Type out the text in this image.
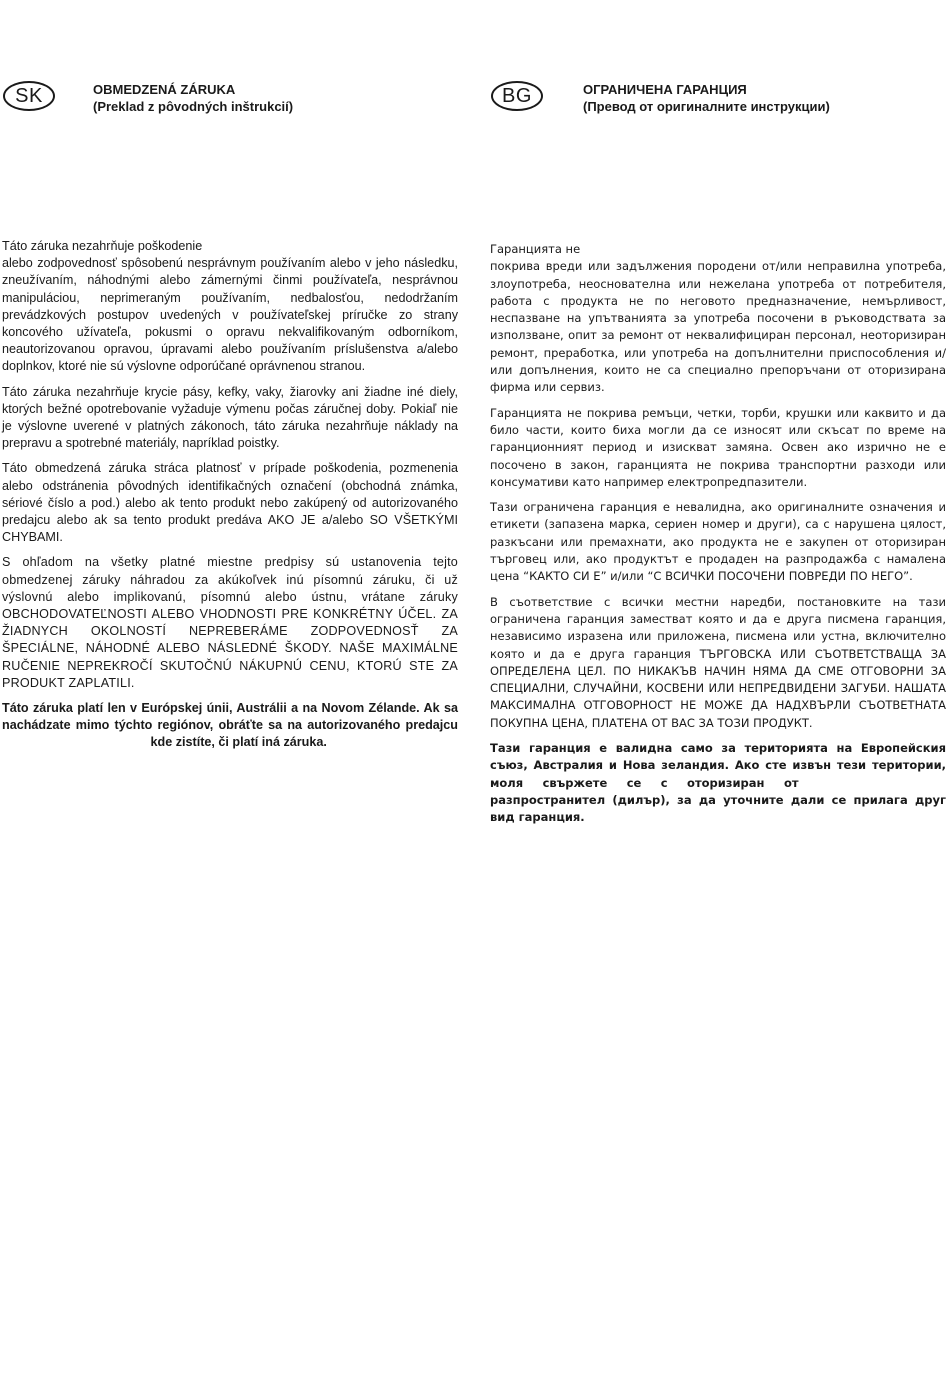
SK	OBMEDZENÁ ZÁRUKA
(Preklad z pôvodných inštrukcií)	BG	ОГРАНИЧЕНА ГАРАНЦИЯ
(Превод от оригиналните инструкции)

Táto záruka nezahrňuje poškodenie

alebo zodpovednosť spôsobenú nesprávnym používaním alebo v jeho následku, zneužívaním, náhodnými alebo zámernými činmi používateľa, nesprávnou manipuláciou, neprimeraným používaním, nedbalosťou, nedodržaním prevádzkových postupov uvedených v používateľskej príručke zo strany koncového užívateľa, pokusmi o opravu nekvalifikovaným odborníkom, neautorizovanou opravou, úpravami alebo používaním príslušenstva a/alebo doplnkov, ktoré nie sú výslovne odporúčané oprávnenou stranou.

Táto záruka nezahrňuje krycie pásy, kefky, vaky, žiarovky ani žiadne iné diely, ktorých bežné opotrebovanie vyžaduje výmenu počas záručnej doby. Pokiaľ nie je výslovne uverené v platných zákonoch, táto záruka nezahrňuje náklady na prepravu a spotrebné materiály, napríklad poistky.

Táto obmedzená záruka stráca platnosť v prípade poškodenia, pozmenenia alebo odstránenia pôvodných identifikačných označení (obchodná známka, sériové číslo a pod.) alebo ak tento produkt nebo zakúpený od autorizovaného predajcu alebo ak sa tento produkt predáva AKO JE a/alebo SO VŠETKÝMI CHYBAMI.

S ohľadom na všetky platné miestne predpisy sú ustanovenia tejto obmedzenej záruky náhradou za akúkoľvek inú písomnú záruku, či už výslovnú alebo implikovanú, písomnú alebo ústnu, vrátane záruky OBCHODOVATEĽNOSTI ALEBO VHODNOSTI PRE KONKRÉTNY ÚČEL. ZA ŽIADNYCH OKOLNOSTÍ NEPREBERÁME ZODPOVEDNOSŤ ZA ŠPECIÁLNE, NÁHODNÉ ALEBO NÁSLEDNÉ ŠKODY. NAŠE MAXIMÁLNE RUČENIE NEPREKROČÍ SKUTOČNÚ NÁKUPNÚ CENU, KTORÚ STE ZA PRODUKT ZAPLATILI.

Táto záruka platí len v Európskej únii, Austrálii a na Novom Zélande. Ak sa nachádzate mimo týchto regiónov, obráťte sa na autorizovaného predajcu  kde zistíte, či platí iná záruka.

Гаранцията не

покрива вреди или задължения породени от/или неправилна употреба, злоупотреба, неоснователна или нежелана употреба от потребителя, работа с продукта не по неговото предназначение, немърливост, неспазване на упътванията за употреба посочени в ръководствата за използване, опит за ремонт от неквалифициран персонал, неоторизиран ремонт, преработка, или употреба на допълнителни приспособления и/ или допълнения, които не са специално препоръчани от оторизирана фирма или сервиз.

Гаранцията не покрива ремъци, четки, торби, крушки или каквито и да било части, които биха могли да се износят или скъсат по време на гаранционният период и изискват замяна. Освен ако изрично не е посочено в закон, гаранцията не покрива транспортни разходи или консумативи като например електропредпазители.

Тази ограничена гаранция е невалидна, ако оригиналните означения и етикети (запазена марка, сериен номер и други), са с нарушена цялост, разкъсани или премахнати, ако продукта не е закупен от оторизиран търговец или, ако продуктът е продаден на разпродажба с намалена цена “КАКТО СИ Е” и/или “С ВСИЧКИ ПОСОЧЕНИ ПОВРЕДИ ПО НЕГО”.

В съответствие с всички местни наредби, постановките на тази ограничена гаранция заместват която и да е друга писмена гаранция, независимо изразена или приложена, писмена или устна, включително която и да е друга гаранция ТЪРГОВСКА ИЛИ СЪОТВЕТСТВАЩА ЗА ОПРЕДЕЛЕНА ЦЕЛ. ПО НИКАКЪВ НАЧИН НЯМА ДА СМЕ ОТГОВОРНИ ЗА СПЕЦИАЛНИ, СЛУЧАЙНИ, КОСВЕНИ ИЛИ НЕПРЕДВИДЕНИ ЗАГУБИ. НАШАТА МАКСИМАЛНА ОТГОВОРНОСТ НЕ МОЖЕ ДА НАДХВЪРЛИ СЪОТВЕТНАТА ПОКУПНА ЦЕНА, ПЛАТЕНА ОТ ВАС ЗА ТОЗИ ПРОДУКТ.

Тази гаранция е валидна само за територията на Европейския съюз, Австралия и Нова зеландия. Ако сте извън тези територии, моля свържете се с оторизиран от  разпространител (дилър), за да уточните дали се прилага друг вид гаранция.
